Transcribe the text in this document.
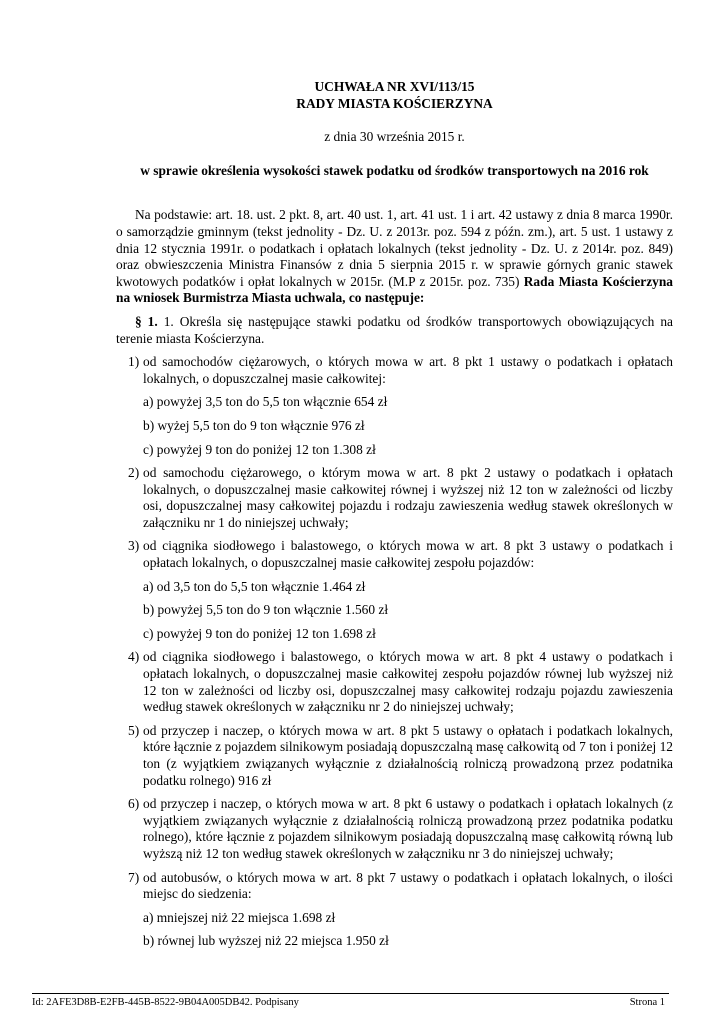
UCHWAŁA NR XVI/113/15
RADY MIASTA KOŚCIERZYNA
z dnia 30 września 2015 r.
w sprawie określenia wysokości stawek podatku od środków transportowych na 2016 rok
Na podstawie: art. 18. ust. 2 pkt. 8, art. 40 ust. 1, art. 41 ust. 1 i art. 42 ustawy z dnia 8 marca 1990r. o samorządzie gminnym (tekst jednolity - Dz. U. z 2013r. poz. 594 z późn. zm.), art. 5 ust. 1 ustawy z dnia 12 stycznia 1991r. o podatkach i opłatach lokalnych (tekst jednolity - Dz. U. z 2014r. poz. 849) oraz obwieszczenia Ministra Finansów z dnia 5 sierpnia 2015 r. w sprawie górnych granic stawek kwotowych podatków i opłat lokalnych w 2015r. (M.P z 2015r. poz. 735) Rada Miasta Kościerzyna na wniosek Burmistrza Miasta uchwala, co następuje:
§ 1. 1. Określa się następujące stawki podatku od środków transportowych obowiązujących na terenie miasta Kościerzyna.
1) od samochodów ciężarowych, o których mowa w art. 8 pkt 1 ustawy o podatkach i opłatach lokalnych, o dopuszczalnej masie całkowitej:
a) powyżej 3,5 ton do 5,5 ton włącznie 654 zł
b) wyżej 5,5 ton do 9 ton włącznie 976 zł
c) powyżej 9 ton do poniżej 12 ton 1.308 zł
2) od samochodu ciężarowego, o którym mowa w art. 8 pkt 2 ustawy o podatkach i opłatach lokalnych, o dopuszczalnej masie całkowitej równej i wyższej niż 12 ton w zależności od liczby osi, dopuszczalnej masy całkowitej pojazdu i rodzaju zawieszenia według stawek określonych w załączniku nr 1 do niniejszej uchwały;
3) od ciągnika siodłowego i balastowego, o których mowa w art. 8 pkt 3 ustawy o podatkach i opłatach lokalnych, o dopuszczalnej masie całkowitej zespołu pojazdów:
a) od 3,5 ton do 5,5 ton włącznie 1.464 zł
b) powyżej 5,5 ton do 9 ton włącznie 1.560 zł
c) powyżej 9 ton do poniżej 12 ton 1.698 zł
4) od ciągnika siodłowego i balastowego, o których mowa w art. 8 pkt 4 ustawy o podatkach i opłatach lokalnych, o dopuszczalnej masie całkowitej zespołu pojazdów równej lub wyższej niż 12 ton w zależności od liczby osi, dopuszczalnej masy całkowitej rodzaju pojazdu zawieszenia według stawek określonych w załączniku nr 2 do niniejszej uchwały;
5) od przyczep i naczep, o których mowa w art. 8 pkt 5 ustawy o opłatach i podatkach lokalnych, które łącznie z pojazdem silnikowym posiadają dopuszczalną masę całkowitą od 7 ton i poniżej 12 ton (z wyjątkiem związanych wyłącznie z działalnością rolniczą prowadzoną przez podatnika podatku rolnego) 916 zł
6) od przyczep i naczep, o których mowa w art. 8 pkt 6 ustawy o podatkach i opłatach lokalnych (z wyjątkiem związanych wyłącznie z działalnością rolniczą prowadzoną przez podatnika podatku rolnego), które łącznie z pojazdem silnikowym posiadają dopuszczalną masę całkowitą równą lub wyższą niż 12 ton według stawek określonych w załączniku nr 3 do niniejszej uchwały;
7) od autobusów, o których mowa w art. 8 pkt 7 ustawy o podatkach i opłatach lokalnych, o ilości miejsc do siedzenia:
a) mniejszej niż 22 miejsca 1.698 zł
b) równej lub wyższej niż 22 miejsca 1.950 zł
Id: 2AFE3D8B-E2FB-445B-8522-9B04A005DB42. Podpisany	Strona 1
